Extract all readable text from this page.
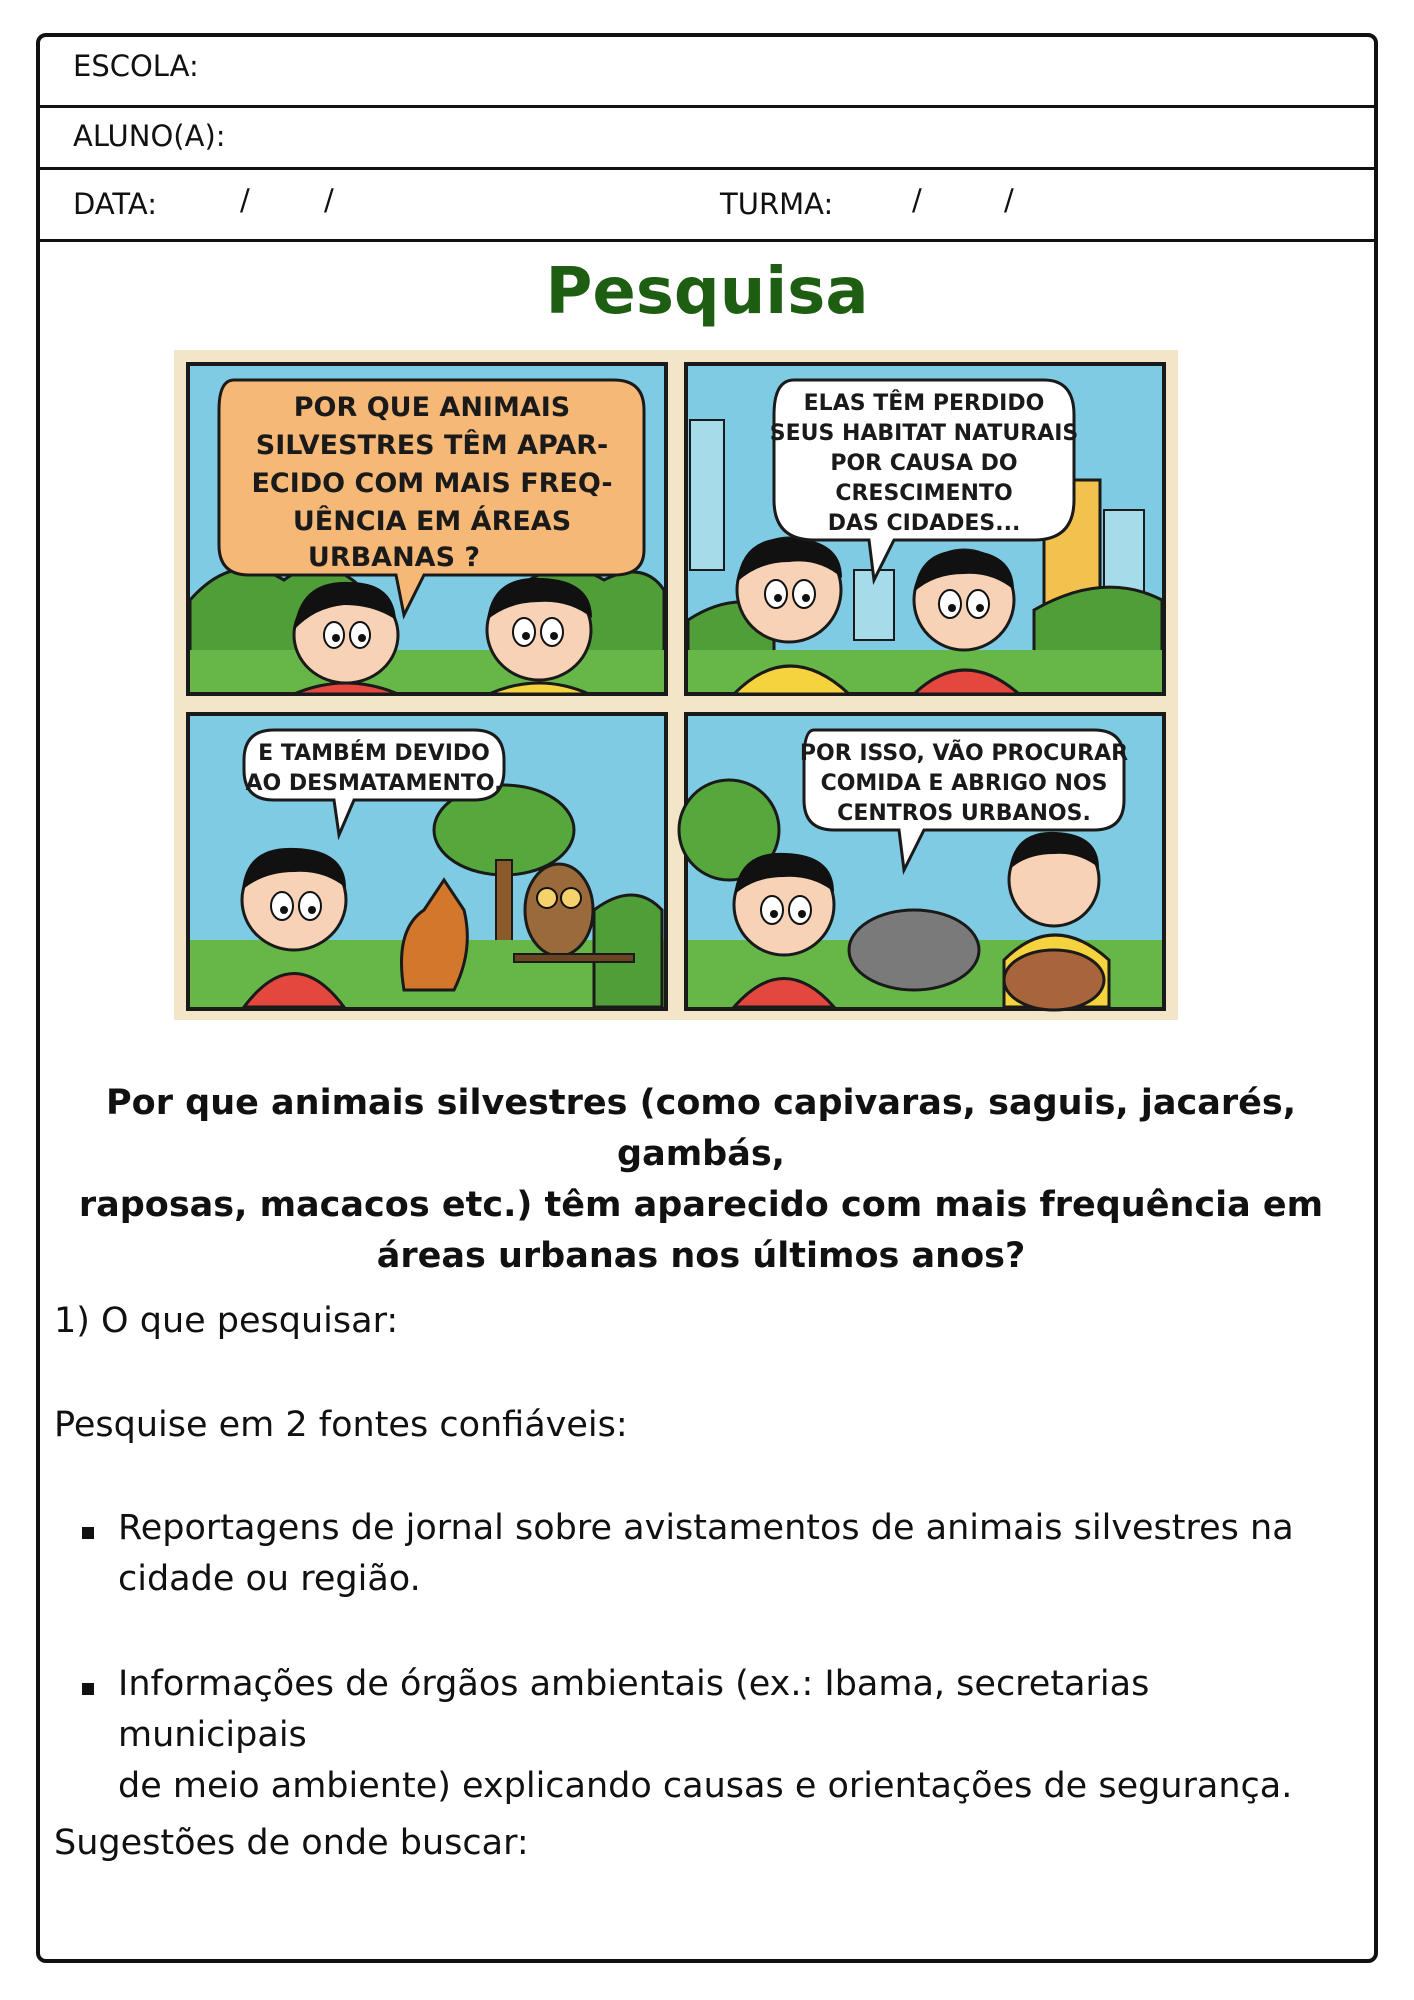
ESCOLA:
ALUNO(A):
DATA:	/	/	TURMA:	/	/
Pesquisa
POR QUE ANIMAIS
SILVESTRES TÊM APAR-
ECIDO COM MAIS FREQ-
UÊNCIA EM ÁREAS
URBANAS ?
ELAS TÊM PERDIDO
SEUS HABITAT NATURAIS
POR CAUSA DO
CRESCIMENTO
DAS CIDADES...
E TAMBÉM DEVIDO
AO DESMATAMENTO.
POR ISSO, VÃO PROCURAR
COMIDA E ABRIGO NOS
CENTROS URBANOS.
Por que animais silvestres (como capivaras, saguis, jacarés, gambás,
raposas, macacos etc.) têm aparecido com mais frequência em
áreas urbanas nos últimos anos?

1) O que pesquisar:

Pesquise em 2 fontes confiáveis:

Reportagens de jornal sobre avistamentos de animais silvestres na
cidade ou região.

Informações de órgãos ambientais (ex.: Ibama, secretarias municipais
de meio ambiente) explicando causas e orientações de segurança.

Sugestões de onde buscar:
